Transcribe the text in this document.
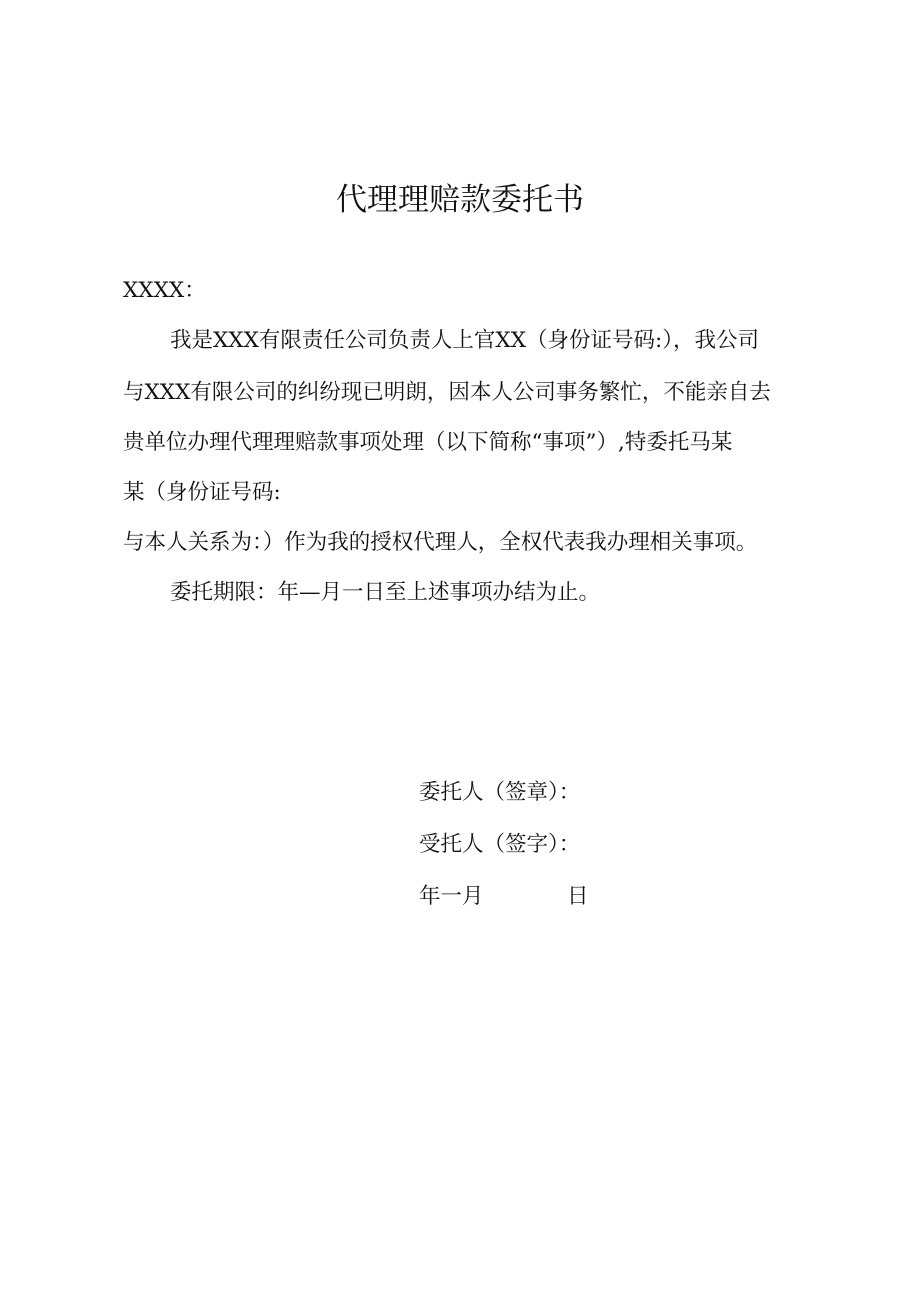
代理理赔款委托书
XXXX：
我是XXX有限责任公司负责人上官XX（身份证号码:），我公司
与XXX有限公司的纠纷现已明朗，因本人公司事务繁忙，不能亲自去
贵单位办理代理理赔款事项处理（以下简称“事项”）,特委托马某
某（身份证号码:
与本人关系为：）作为我的授权代理人，全权代表我办理相关事项。
委托期限：年—月一日至上述事项办结为止。
委托人（签章）：
受托人（签字）：
年一月	日
